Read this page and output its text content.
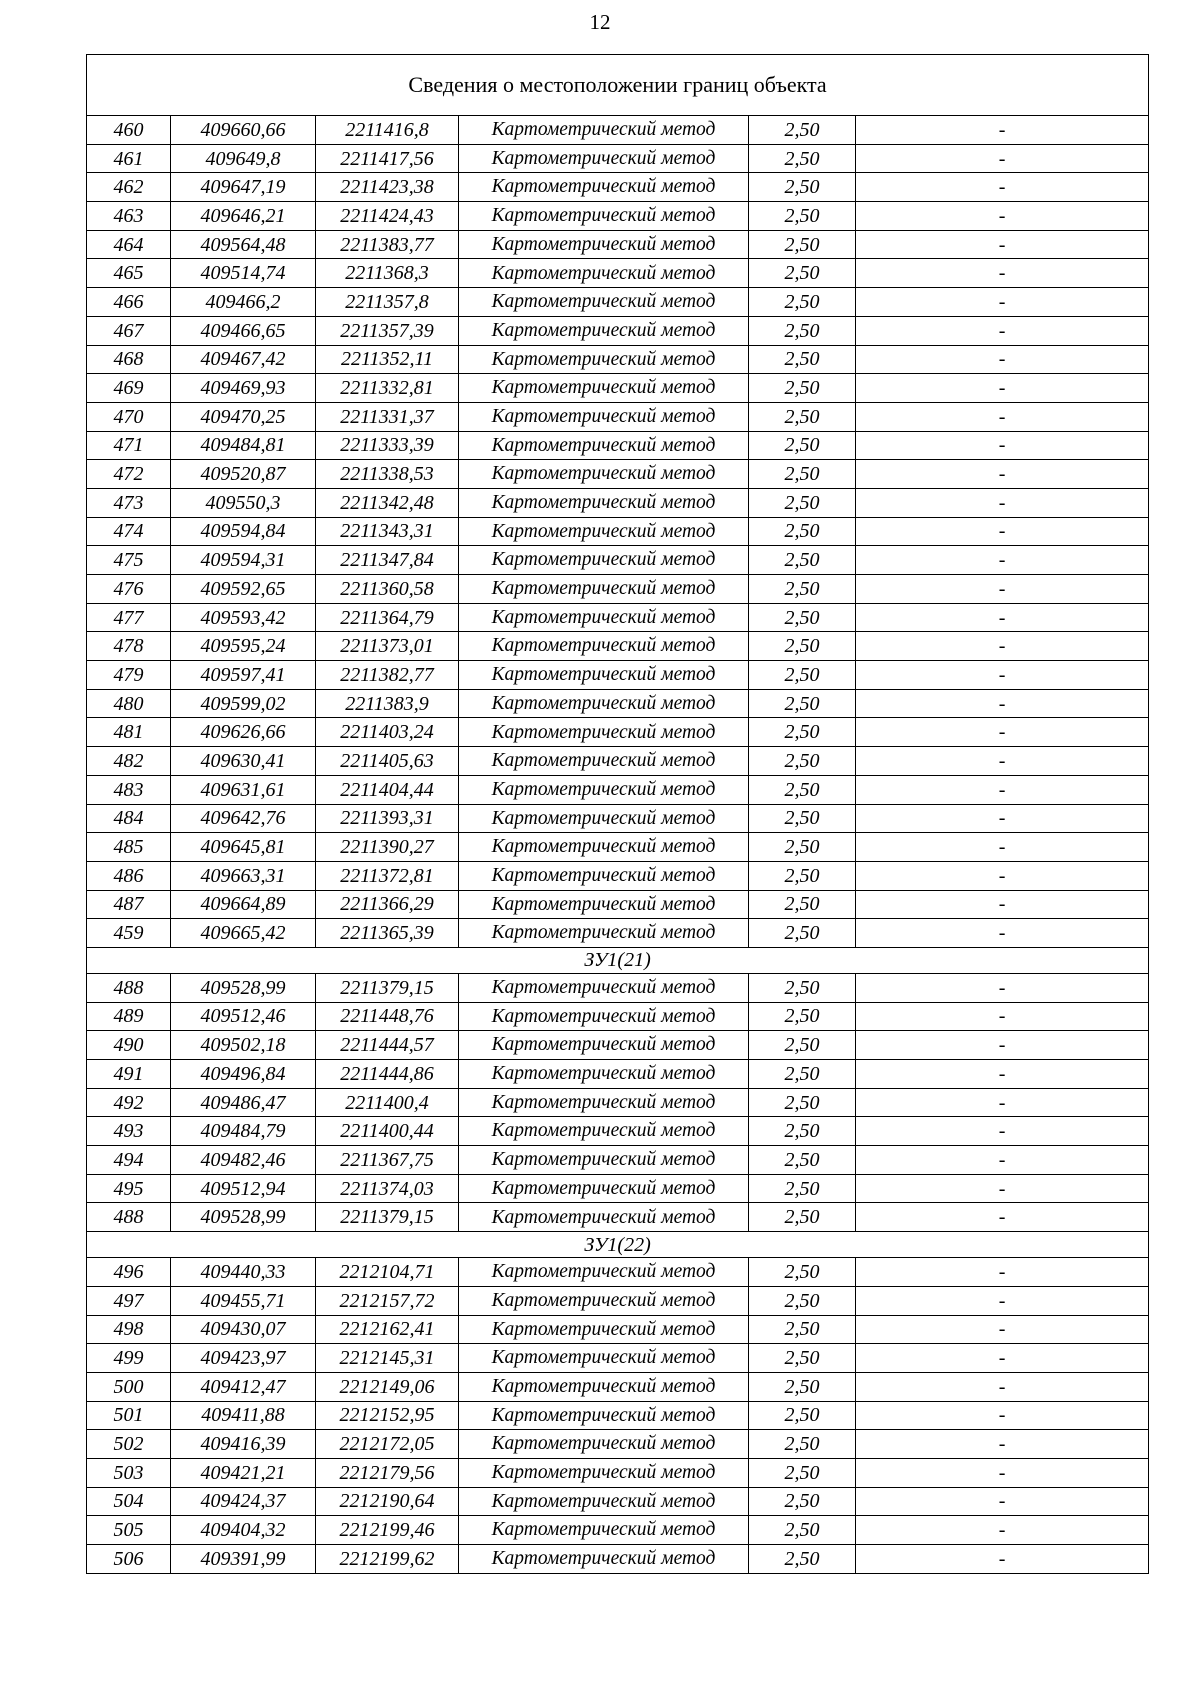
12
Сведения о местоположении границ объекта					
460	409660,66	2211416,8	Картометрический метод	2,50	-
461	409649,8	2211417,56	Картометрический метод	2,50	-
462	409647,19	2211423,38	Картометрический метод	2,50	-
463	409646,21	2211424,43	Картометрический метод	2,50	-
464	409564,48	2211383,77	Картометрический метод	2,50	-
465	409514,74	2211368,3	Картометрический метод	2,50	-
466	409466,2	2211357,8	Картометрический метод	2,50	-
467	409466,65	2211357,39	Картометрический метод	2,50	-
468	409467,42	2211352,11	Картометрический метод	2,50	-
469	409469,93	2211332,81	Картометрический метод	2,50	-
470	409470,25	2211331,37	Картометрический метод	2,50	-
471	409484,81	2211333,39	Картометрический метод	2,50	-
472	409520,87	2211338,53	Картометрический метод	2,50	-
473	409550,3	2211342,48	Картометрический метод	2,50	-
474	409594,84	2211343,31	Картометрический метод	2,50	-
475	409594,31	2211347,84	Картометрический метод	2,50	-
476	409592,65	2211360,58	Картометрический метод	2,50	-
477	409593,42	2211364,79	Картометрический метод	2,50	-
478	409595,24	2211373,01	Картометрический метод	2,50	-
479	409597,41	2211382,77	Картометрический метод	2,50	-
480	409599,02	2211383,9	Картометрический метод	2,50	-
481	409626,66	2211403,24	Картометрический метод	2,50	-
482	409630,41	2211405,63	Картометрический метод	2,50	-
483	409631,61	2211404,44	Картометрический метод	2,50	-
484	409642,76	2211393,31	Картометрический метод	2,50	-
485	409645,81	2211390,27	Картометрический метод	2,50	-
486	409663,31	2211372,81	Картометрический метод	2,50	-
487	409664,89	2211366,29	Картометрический метод	2,50	-
459	409665,42	2211365,39	Картометрический метод	2,50	-
ЗУ1(21)					
488	409528,99	2211379,15	Картометрический метод	2,50	-
489	409512,46	2211448,76	Картометрический метод	2,50	-
490	409502,18	2211444,57	Картометрический метод	2,50	-
491	409496,84	2211444,86	Картометрический метод	2,50	-
492	409486,47	2211400,4	Картометрический метод	2,50	-
493	409484,79	2211400,44	Картометрический метод	2,50	-
494	409482,46	2211367,75	Картометрический метод	2,50	-
495	409512,94	2211374,03	Картометрический метод	2,50	-
488	409528,99	2211379,15	Картометрический метод	2,50	-
ЗУ1(22)					
496	409440,33	2212104,71	Картометрический метод	2,50	-
497	409455,71	2212157,72	Картометрический метод	2,50	-
498	409430,07	2212162,41	Картометрический метод	2,50	-
499	409423,97	2212145,31	Картометрический метод	2,50	-
500	409412,47	2212149,06	Картометрический метод	2,50	-
501	409411,88	2212152,95	Картометрический метод	2,50	-
502	409416,39	2212172,05	Картометрический метод	2,50	-
503	409421,21	2212179,56	Картометрический метод	2,50	-
504	409424,37	2212190,64	Картометрический метод	2,50	-
505	409404,32	2212199,46	Картометрический метод	2,50	-
506	409391,99	2212199,62	Картометрический метод	2,50	-
